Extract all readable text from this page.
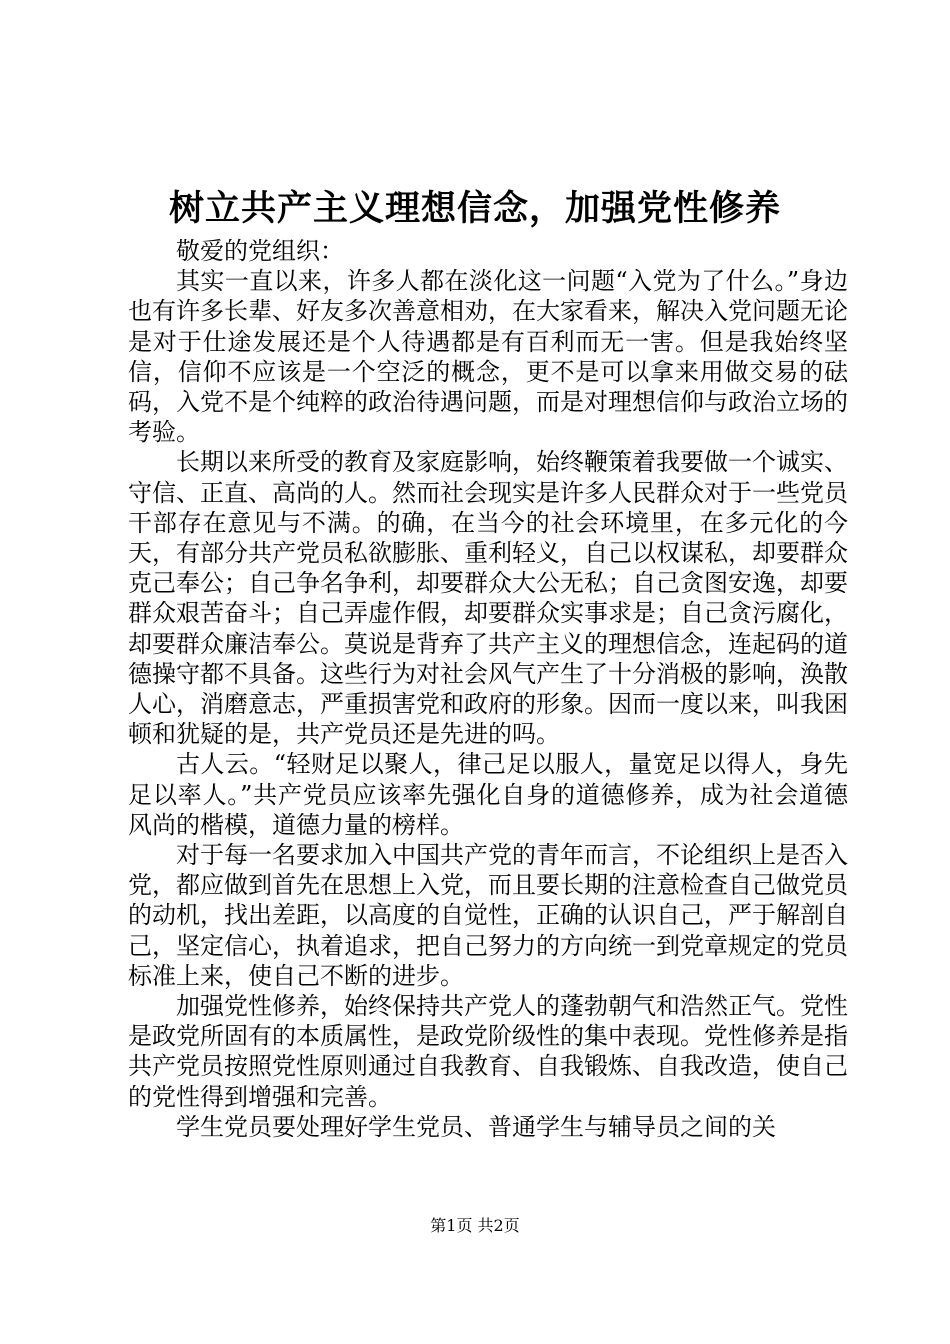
树立共产主义理想信念，加强党性修养

敬爱的党组织：

其实一直以来，许多人都在淡化这一问题“入党为了什么。”身边也有许多长辈、好友多次善意相劝，在大家看来，解决入党问题无论是对于仕途发展还是个人待遇都是有百利而无一害。但是我始终坚信，信仰不应该是一个空泛的概念，更不是可以拿来用做交易的砝码，入党不是个纯粹的政治待遇问题，而是对理想信仰与政治立场的考验。

长期以来所受的教育及家庭影响，始终鞭策着我要做一个诚实、守信、正直、高尚的人。然而社会现实是许多人民群众对于一些党员干部存在意见与不满。的确，在当今的社会环境里，在多元化的今天，有部分共产党员私欲膨胀、重利轻义，自己以权谋私，却要群众克己奉公；自己争名争利，却要群众大公无私；自己贪图安逸，却要群众艰苦奋斗；自己弄虚作假，却要群众实事求是；自己贪污腐化，却要群众廉洁奉公。莫说是背弃了共产主义的理想信念，连起码的道德操守都不具备。这些行为对社会风气产生了十分消极的影响，涣散人心，消磨意志，严重损害党和政府的形象。因而一度以来，叫我困顿和犹疑的是，共产党员还是先进的吗。

古人云。“轻财足以聚人，律己足以服人，量宽足以得人，身先足以率人。”共产党员应该率先强化自身的道德修养，成为社会道德风尚的楷模，道德力量的榜样。

对于每一名要求加入中国共产党的青年而言，不论组织上是否入党，都应做到首先在思想上入党，而且要长期的注意检查自己做党员的动机，找出差距，以高度的自觉性，正确的认识自己，严于解剖自己，坚定信心，执着追求，把自己努力的方向统一到党章规定的党员标准上来，使自己不断的进步。

加强党性修养，始终保持共产党人的蓬勃朝气和浩然正气。党性是政党所固有的本质属性，是政党阶级性的集中表现。党性修养是指共产党员按照党性原则通过自我教育、自我锻炼、自我改造，使自己的党性得到增强和完善。

学生党员要处理好学生党员、普通学生与辅导员之间的关

第1页 共2页
